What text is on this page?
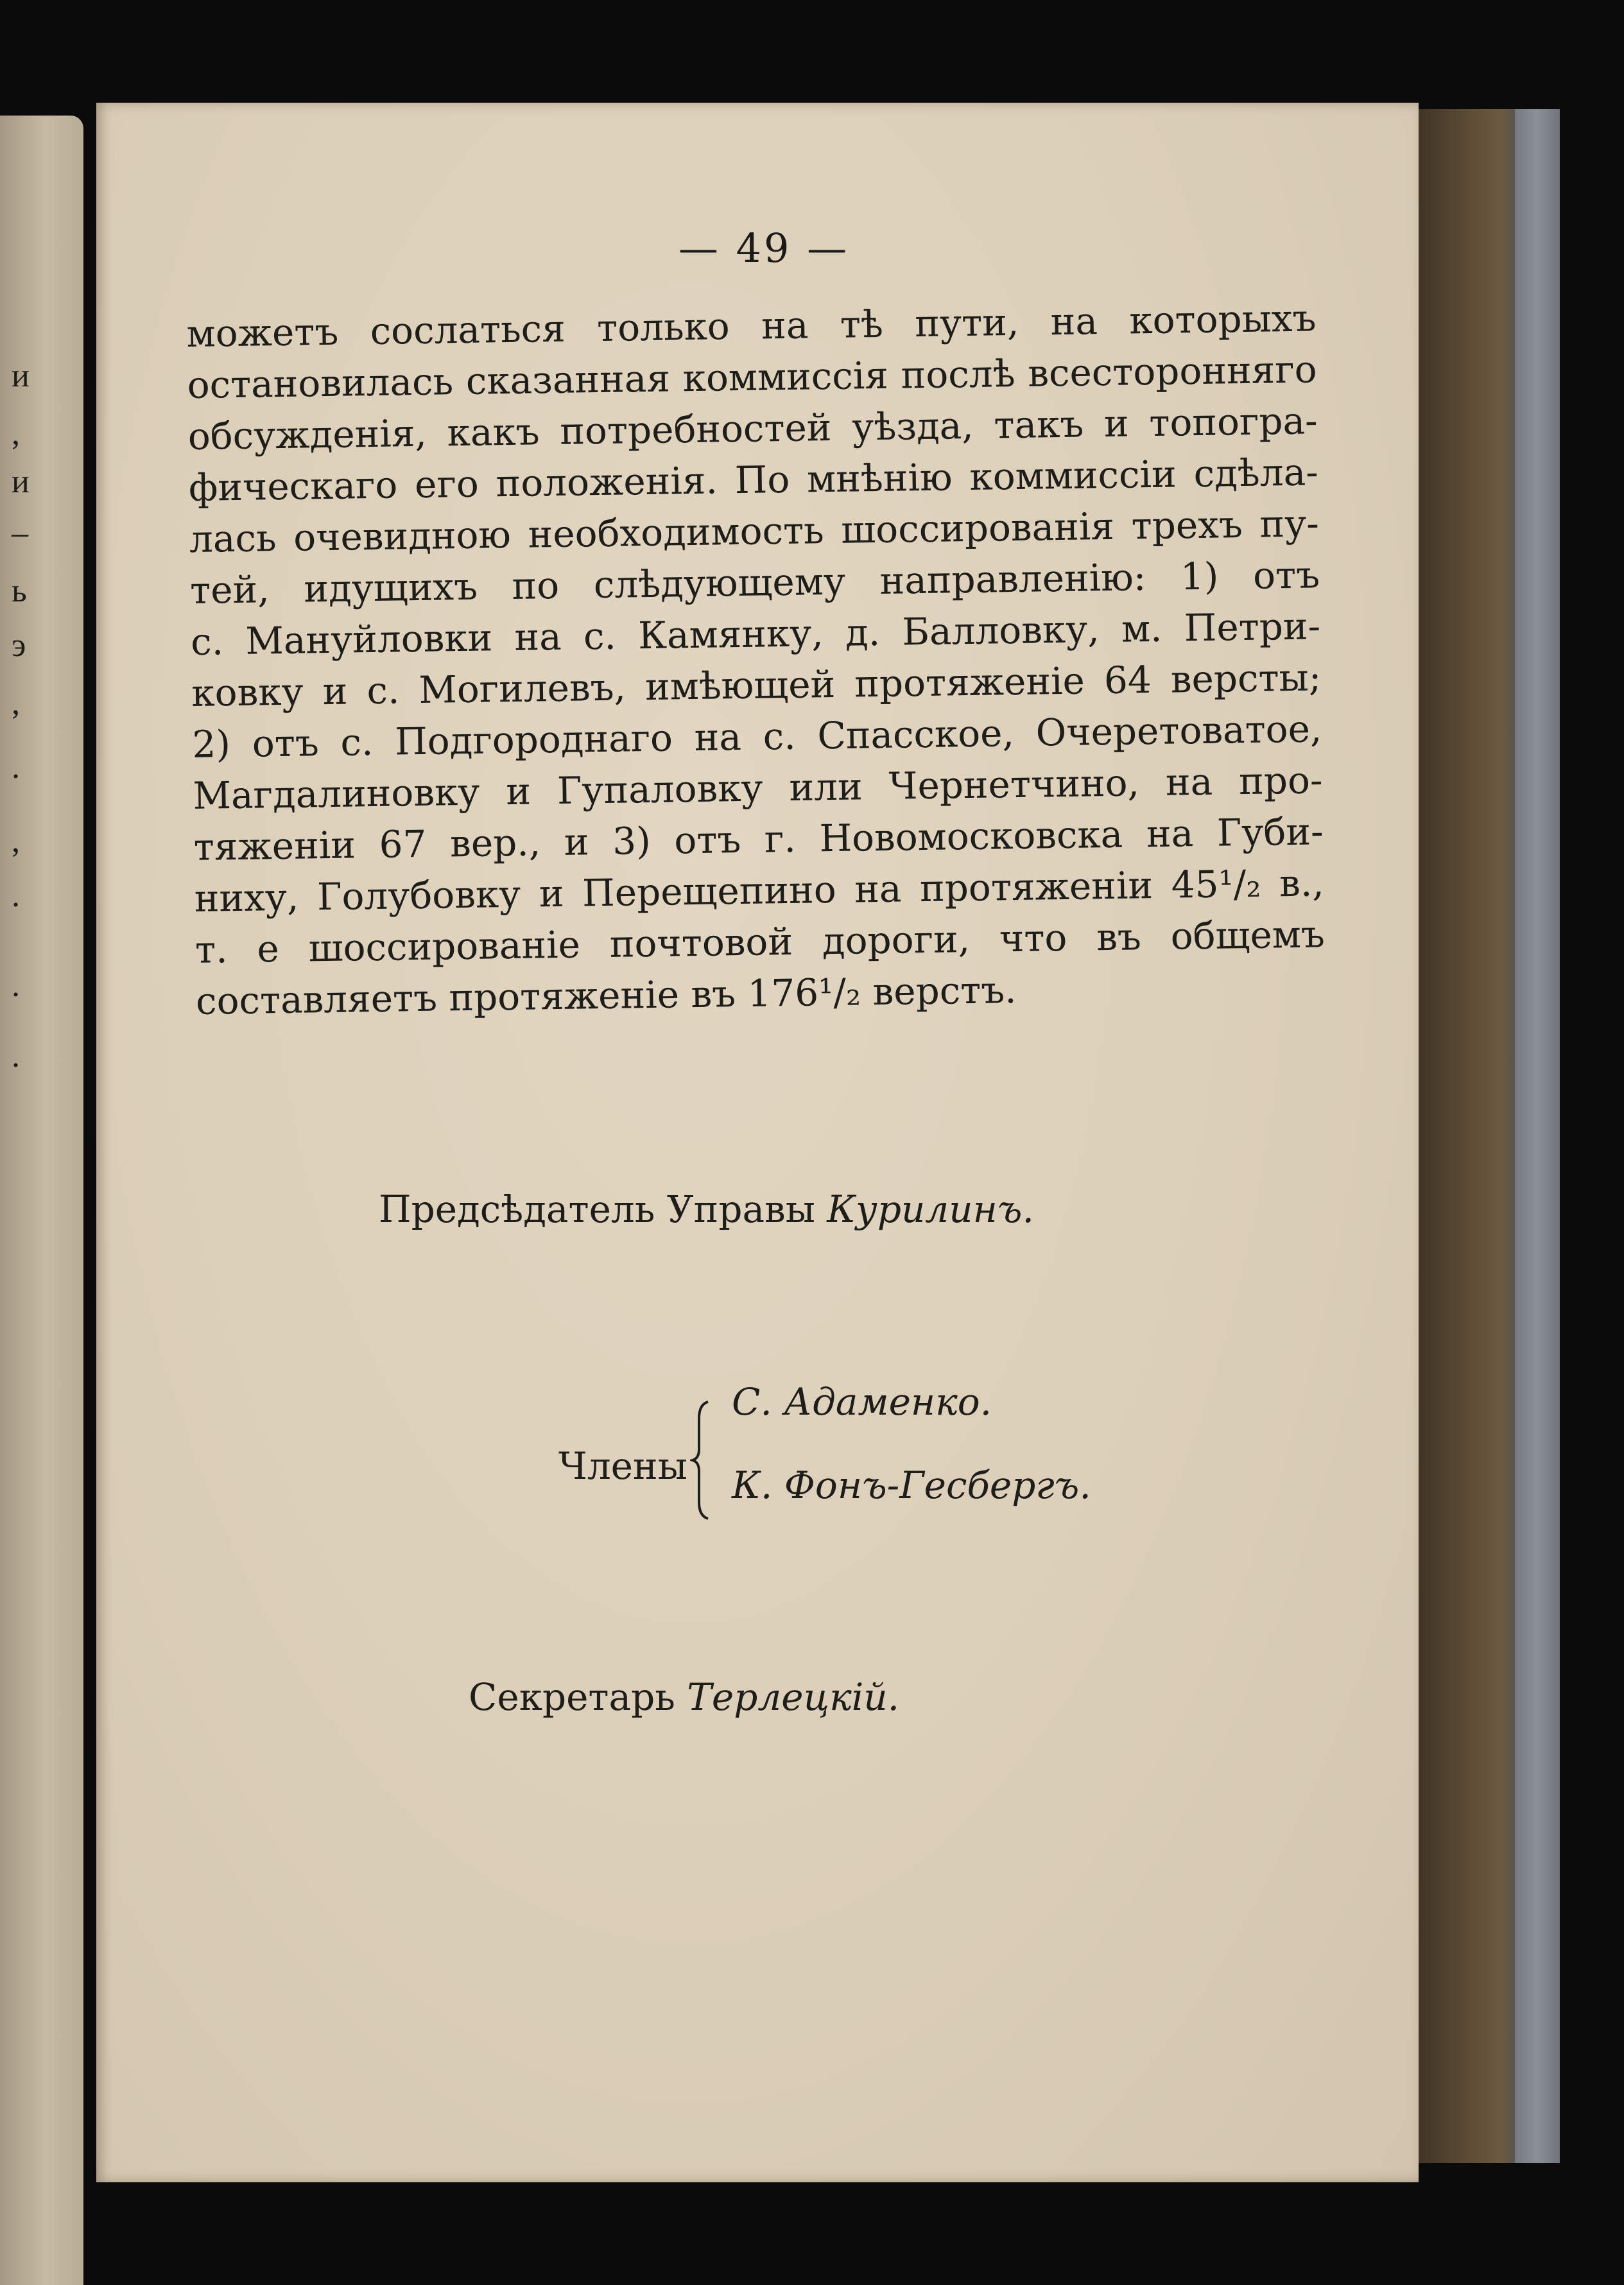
и
,
и
–
ь
э
,
.
,
.
.
.
— 49 —
можетъ сослаться только на тѣ пути, на которыхъ
остановилась сказанная коммиссія послѣ всесторонняго
обсужденія, какъ потребностей уѣзда, такъ и топогра-
фическаго его положенія. По мнѣнію коммиссіи сдѣла-
лась очевидною необходимость шоссированія трехъ пу-
тей, идущихъ по слѣдующему направленію: 1) отъ
с. Мануйловки на с. Камянку, д. Балловку, м. Петри-
ковку и с. Могилевъ, имѣющей протяженіе 64 версты;
2) отъ с. Подгороднаго на с. Спасское, Очеретоватое,
Магдалиновку и Гупаловку или Чернетчино, на про-
тяженіи 67 вер., и 3) отъ г. Новомосковска на Губи-
ниху, Голубовку и Перещепино на протяженіи 45¹/₂ в.,
т. е шоссированіе почтовой дороги, что въ общемъ
составляетъ протяженіе въ 176¹/₂ верстъ.
Предсѣдатель Управы Курилинъ.
Члены
С. Адаменко.
К. Фонъ-Гесбергъ.
Секретарь Терлецкій.
